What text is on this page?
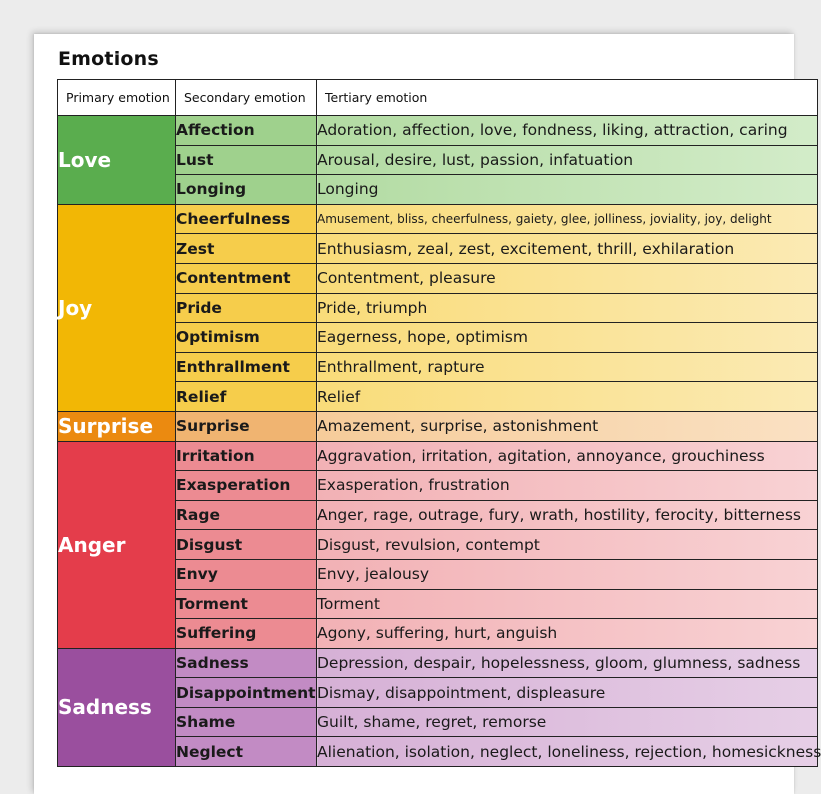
Emotions
Primary emotion	Secondary emotion	Tertiary emotion
Love	Affection	Adoration, affection, love, fondness, liking, attraction, caring
	Lust	Arousal, desire, lust, passion, infatuation
	Longing	Longing
Joy	Cheerfulness	Amusement, bliss, cheerfulness, gaiety, glee, jolliness, joviality, joy, delight
	Zest	Enthusiasm, zeal, zest, excitement, thrill, exhilaration
	Contentment	Contentment, pleasure
	Pride	Pride, triumph
	Optimism	Eagerness, hope, optimism
	Enthrallment	Enthrallment, rapture
	Relief	Relief
Surprise	Surprise	Amazement, surprise, astonishment
Anger	Irritation	Aggravation, irritation, agitation, annoyance, grouchiness
	Exasperation	Exasperation, frustration
	Rage	Anger, rage, outrage, fury, wrath, hostility, ferocity, bitterness
	Disgust	Disgust, revulsion, contempt
	Envy	Envy, jealousy
	Torment	Torment
	Suffering	Agony, suffering, hurt, anguish
Sadness	Sadness	Depression, despair, hopelessness, gloom, glumness, sadness
	Disappointment	Dismay, disappointment, displeasure
	Shame	Guilt, shame, regret, remorse
	Neglect	Alienation, isolation, neglect, loneliness, rejection, homesickness
